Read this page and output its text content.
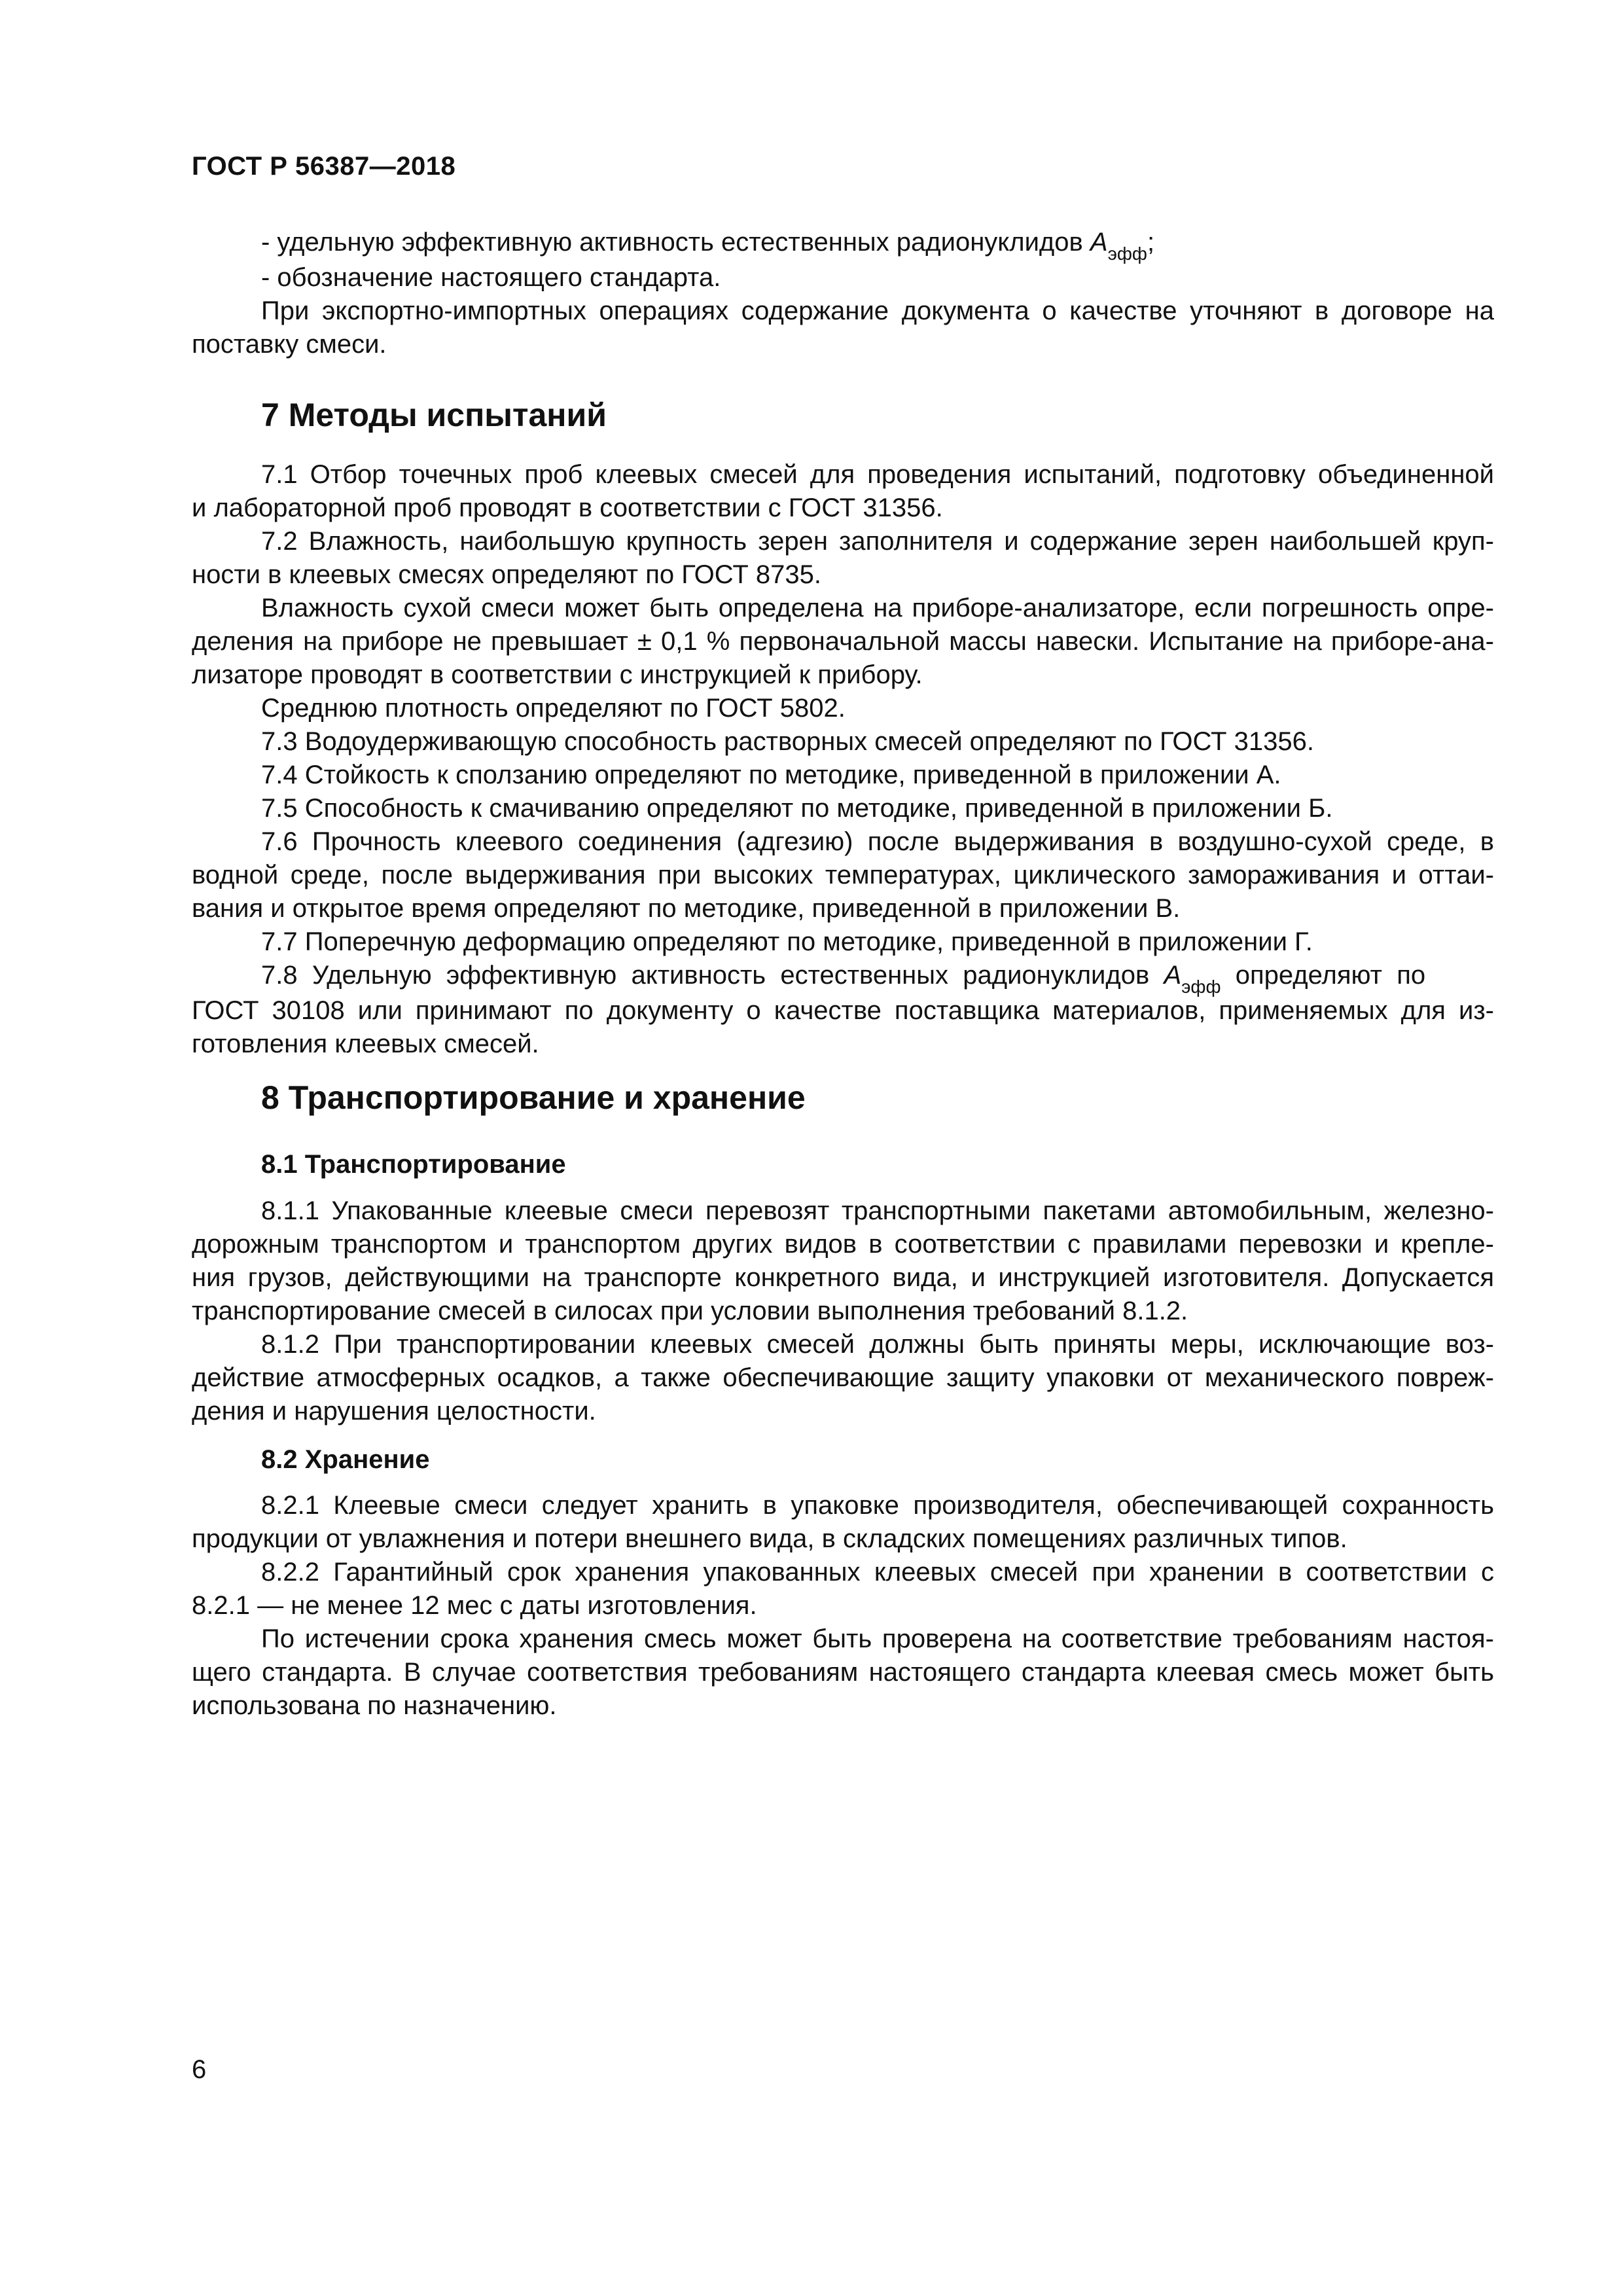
ГОСТ Р 56387—2018
- удельную эффективную активность естественных радионуклидов $А_{эфф}$;
- обозначение настоящего стандарта.
При экспортно-импортных операциях содержание документа о качестве уточняют в договоре на
поставку смеси.
7 Методы испытаний
7.1 Отбор точечных проб клеевых смесей для проведения испытаний, подготовку объединенной
и лабораторной проб проводят в соответствии с ГОСТ 31356.
7.2 Влажность, наибольшую крупность зерен заполнителя и содержание зерен наибольшей круп-
ности в клеевых смесях определяют по ГОСТ 8735.
Влажность сухой смеси может быть определена на приборе-анализаторе, если погрешность опре-
деления на приборе не превышает ± 0,1 % первоначальной массы навески. Испытание на приборе-ана-
лизаторе проводят в соответствии с инструкцией к прибору.
Среднюю плотность определяют по ГОСТ 5802.
7.3 Водоудерживающую способность растворных смесей определяют по ГОСТ 31356.
7.4 Стойкость к сползанию определяют по методике, приведенной в приложении А.
7.5 Способность к смачиванию определяют по методике, приведенной в приложении Б.
7.6 Прочность клеевого соединения (адгезию) после выдерживания в воздушно-сухой среде, в
водной среде, после выдерживания при высоких температурах, циклического замораживания и оттаи-
вания и открытое время определяют по методике, приведенной в приложении В.
7.7 Поперечную деформацию определяют по методике, приведенной в приложении Г.
7.8  Удельную  эффективную  активность  естественных  радионуклидов  $А_{эфф}$  определяют  по
ГОСТ 30108 или принимают по документу о качестве поставщика материалов, применяемых для из-
готовления клеевых смесей.
8 Транспортирование и хранение
8.1 Транспортирование
8.1.1 Упакованные клеевые смеси перевозят транспортными пакетами автомобильным, железно-
дорожным транспортом и транспортом других видов в соответствии с правилами перевозки и крепле-
ния грузов, действующими на транспорте конкретного вида, и инструкцией изготовителя. Допускается
транспортирование смесей в силосах при условии выполнения требований 8.1.2.
8.1.2 При транспортировании клеевых смесей должны быть приняты меры, исключающие воз-
действие атмосферных осадков, а также обеспечивающие защиту упаковки от механического повреж-
дения и нарушения целостности.
8.2 Хранение
8.2.1 Клеевые смеси следует хранить в упаковке производителя, обеспечивающей сохранность
продукции от увлажнения и потери внешнего вида, в складских помещениях различных типов.
8.2.2 Гарантийный срок хранения упакованных клеевых смесей при хранении в соответствии с
8.2.1 — не менее 12 мес с даты изготовления.
По истечении срока хранения смесь может быть проверена на соответствие требованиям настоя-
щего стандарта. В случае соответствия требованиям настоящего стандарта клеевая смесь может быть
использована по назначению.
6
